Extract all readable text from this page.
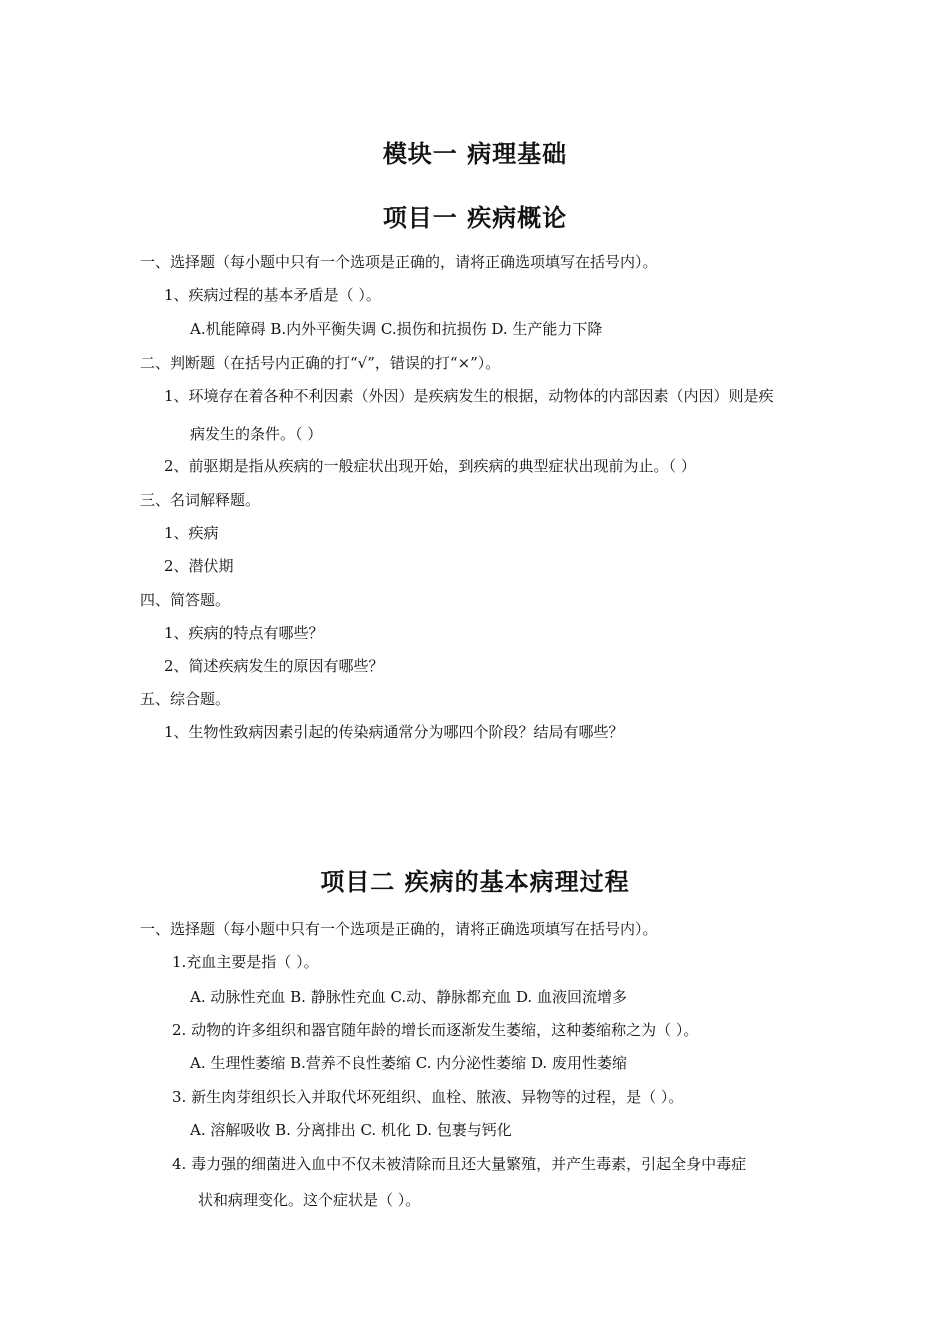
模块一 病理基础
项目一 疾病概论
一、选择题（每小题中只有一个选项是正确的，请将正确选项填写在括号内）。
1、疾病过程的基本矛盾是（ ）。
A.机能障碍 B.内外平衡失调 C.损伤和抗损伤 D. 生产能力下降
二、判断题（在括号内正确的打“√”，错误的打“×”）。
1、环境存在着各种不利因素（外因）是疾病发生的根据，动物体的内部因素（内因）则是疾
病发生的条件。（ ）
2、前驱期是指从疾病的一般症状出现开始，到疾病的典型症状出现前为止。（ ）
三、名词解释题。
1、疾病
2、潜伏期
四、简答题。
1、疾病的特点有哪些？
2、简述疾病发生的原因有哪些？
五、综合题。
1、生物性致病因素引起的传染病通常分为哪四个阶段？结局有哪些？
项目二 疾病的基本病理过程
一、选择题（每小题中只有一个选项是正确的，请将正确选项填写在括号内）。
1.充血主要是指（ ）。
A. 动脉性充血 B. 静脉性充血 C.动、静脉都充血 D. 血液回流增多
2. 动物的许多组织和器官随年龄的增长而逐渐发生萎缩，这种萎缩称之为（ ）。
A. 生理性萎缩 B.营养不良性萎缩 C. 内分泌性萎缩 D. 废用性萎缩
3. 新生肉芽组织长入并取代坏死组织、血栓、脓液、异物等的过程，是（ ）。
A. 溶解吸收 B. 分离排出 C. 机化 D. 包裹与钙化
4. 毒力强的细菌进入血中不仅未被清除而且还大量繁殖，并产生毒素，引起全身中毒症
状和病理变化。这个症状是（ ）。
